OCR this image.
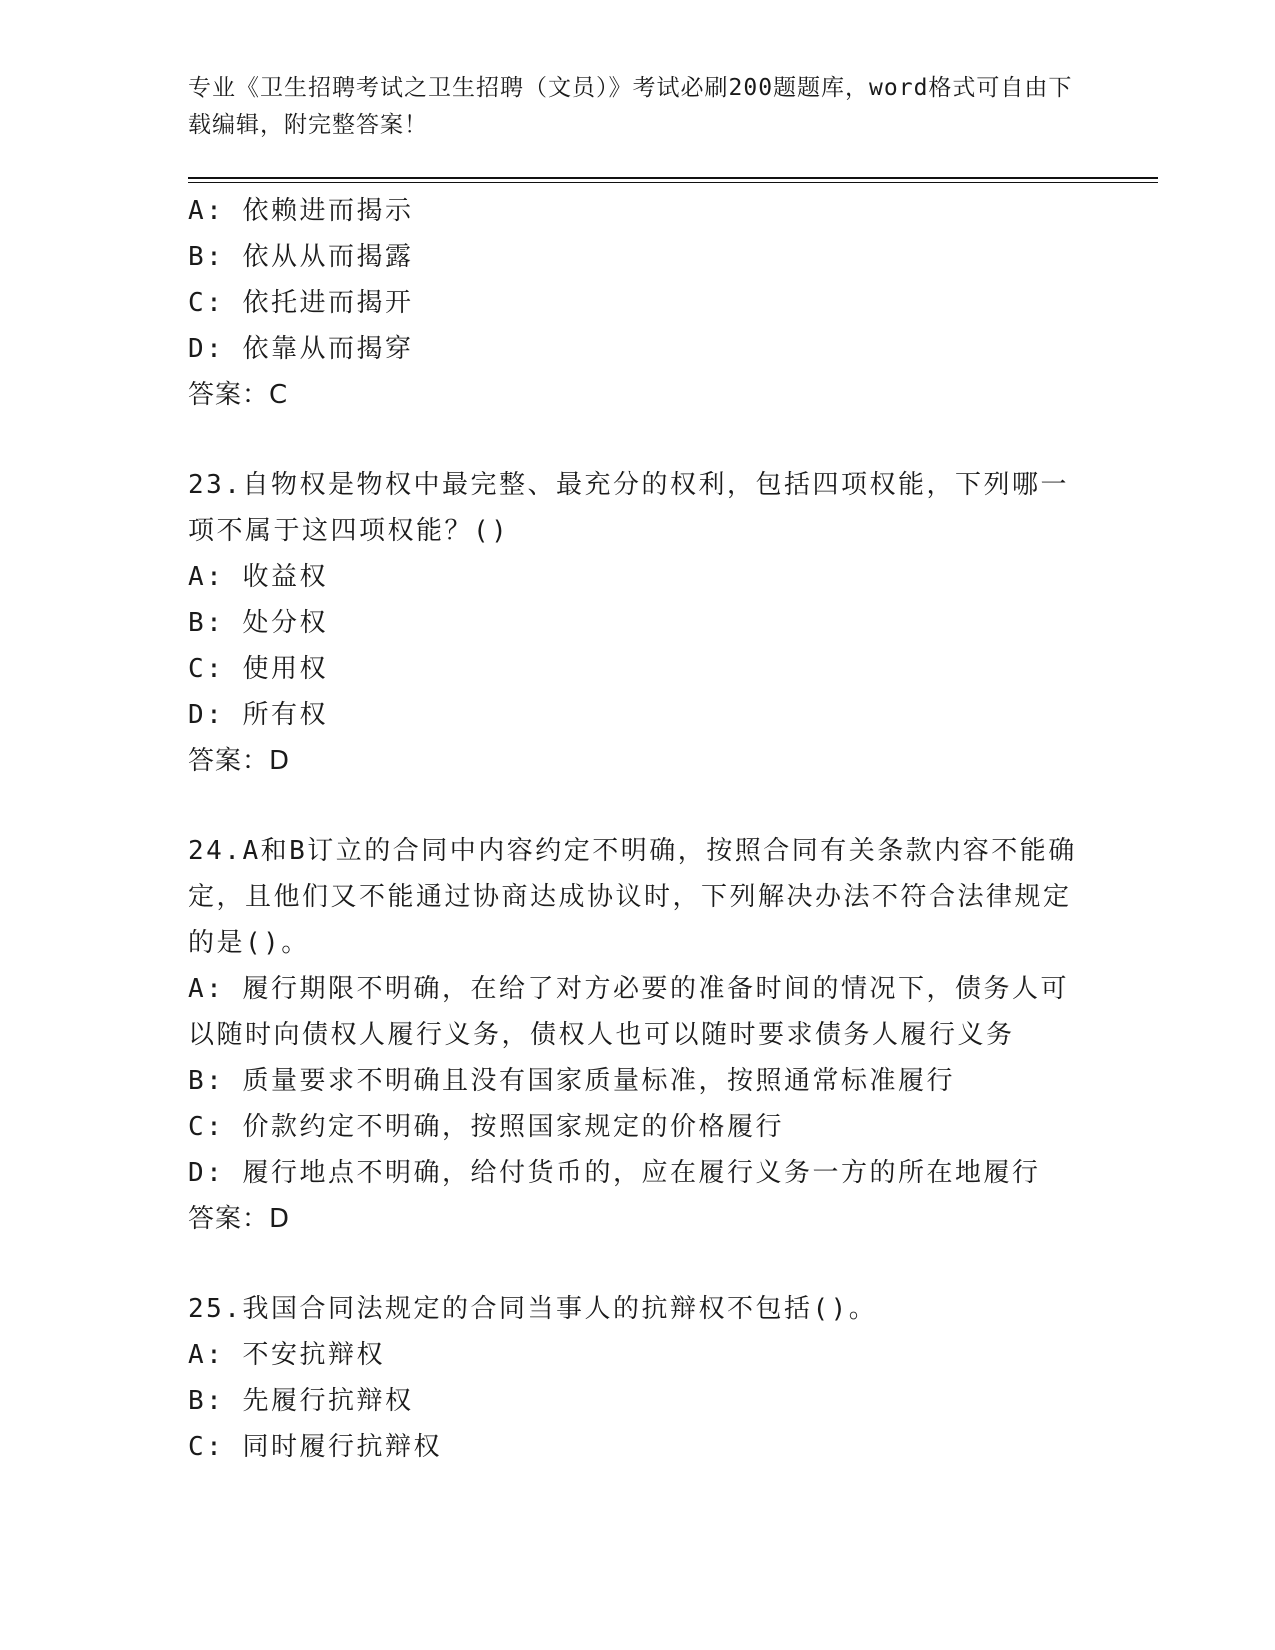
专业《卫生招聘考试之卫生招聘（文员）》考试必刷200题题库，word格式可自由下载编辑，附完整答案！
A: 依赖进而揭示
B: 依从从而揭露
C: 依托进而揭开
D: 依靠从而揭穿
答案：C
23.自物权是物权中最完整、最充分的权利，包括四项权能，下列哪一项不属于这四项权能？()
A: 收益权
B: 处分权
C: 使用权
D: 所有权
答案：D
24.A和B订立的合同中内容约定不明确，按照合同有关条款内容不能确定，且他们又不能通过协商达成协议时，下列解决办法不符合法律规定的是()。
A: 履行期限不明确，在给了对方必要的准备时间的情况下，债务人可以随时向债权人履行义务，债权人也可以随时要求债务人履行义务
B: 质量要求不明确且没有国家质量标准，按照通常标准履行
C: 价款约定不明确，按照国家规定的价格履行
D: 履行地点不明确，给付货币的，应在履行义务一方的所在地履行
答案：D
25.我国合同法规定的合同当事人的抗辩权不包括()。
A: 不安抗辩权
B: 先履行抗辩权
C: 同时履行抗辩权
